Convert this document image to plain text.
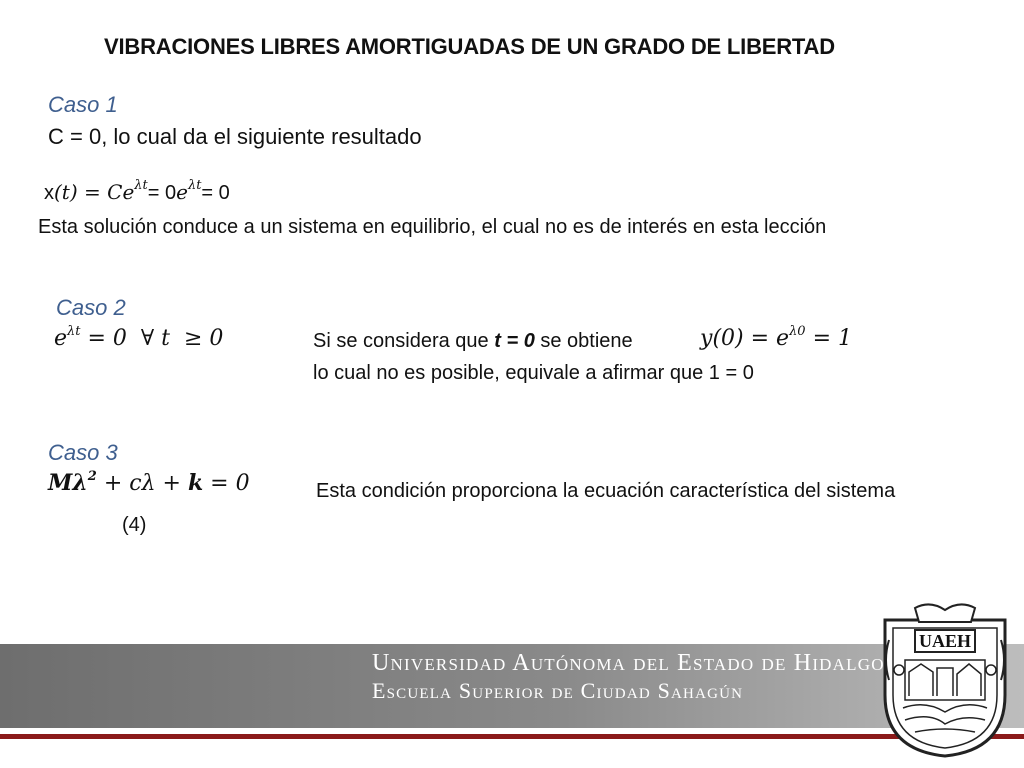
VIBRACIONES LIBRES AMORTIGUADAS DE UN GRADO DE LIBERTAD
Caso 1
C = 0, lo cual da el siguiente resultado
$x(t) = Ce^{\lambda t}= 0e^{\lambda t}= 0$
Esta solución conduce a un sistema en equilibrio, el cual no es de interés en esta lección
Caso 2
$e^{\lambda t} = 0$  ∀ t  ≥ 0	Si se considera que t = 0 se obtiene	$y(0) = e^{\lambda 0} = 1$
lo cual no es posible, equivale a afirmar que 1 = 0
Caso 3
$M\lambda^2 + c\lambda + k = 0$
(4)
Esta condición proporciona la ecuación característica del sistema
Universidad Autónoma del Estado de Hidalgo
Escuela Superior de Ciudad Sahagún
UAEH
